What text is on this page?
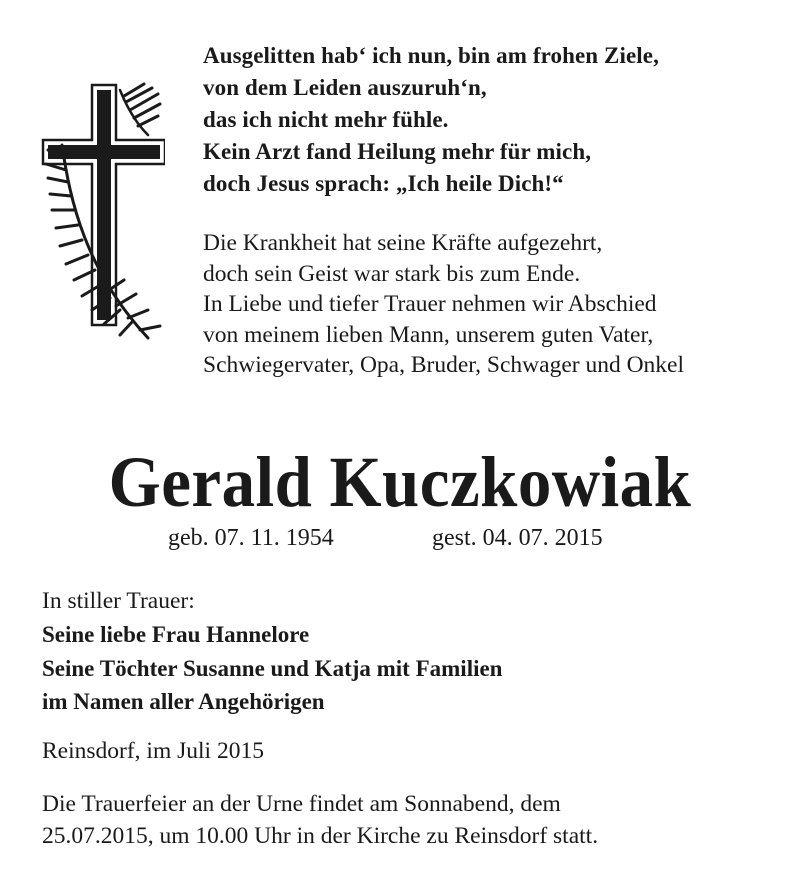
Ausgelitten hab‘ ich nun, bin am frohen Ziele,
von dem Leiden auszuruh‘n,
das ich nicht mehr fühle.
Kein Arzt fand Heilung mehr für mich,
doch Jesus sprach: „Ich heile Dich!“
Die Krankheit hat seine Kräfte aufgezehrt,
doch sein Geist war stark bis zum Ende.
In Liebe und tiefer Trauer nehmen wir Abschied
von meinem lieben Mann, unserem guten Vater,
Schwiegervater, Opa, Bruder, Schwager und Onkel
Gerald Kuczkowiak
geb. 07. 11. 1954	gest. 04. 07. 2015
In stiller Trauer:
Seine liebe Frau Hannelore
Seine Töchter Susanne und Katja mit Familien
im Namen aller Angehörigen
Reinsdorf, im Juli 2015
Die Trauerfeier an der Urne findet am Sonnabend, dem
25.07.2015, um 10.00 Uhr in der Kirche zu Reinsdorf statt.
